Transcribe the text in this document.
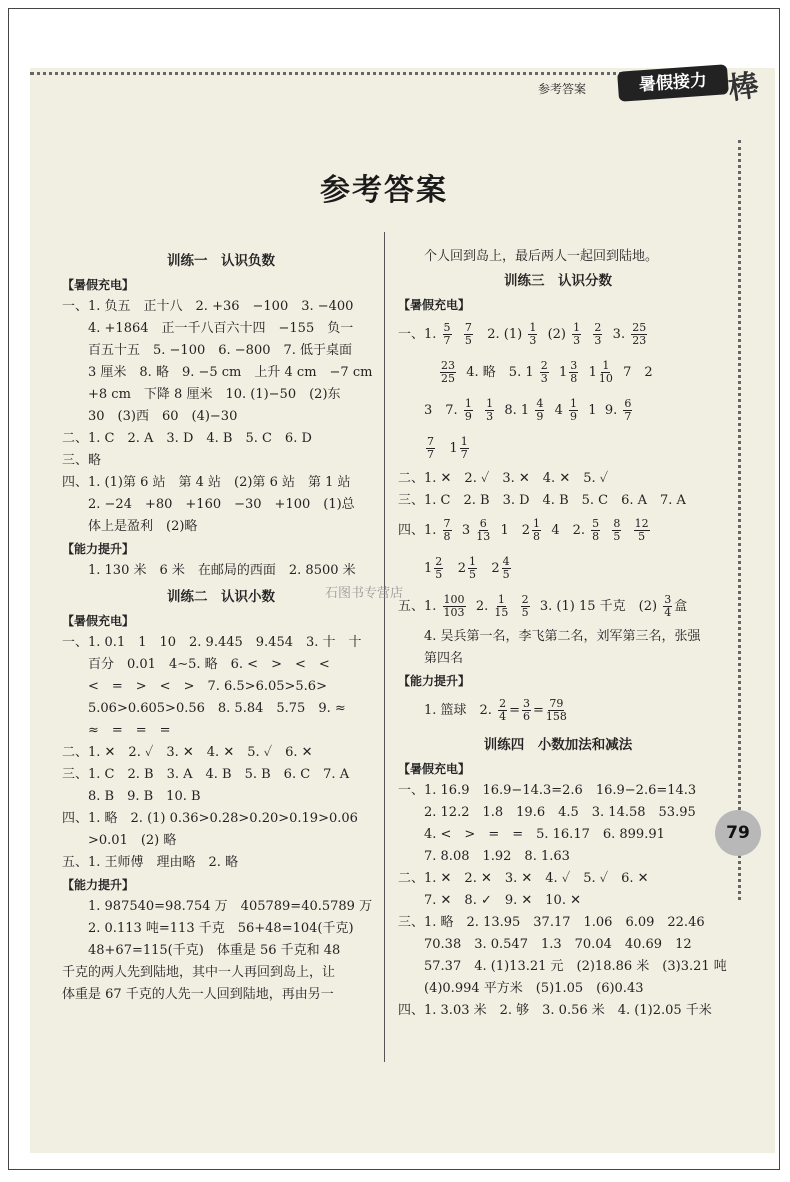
参考答案	暑假接力 棒
参考答案
石图书专营店
79
训练一　认识负数
【暑假充电】
一、1. 负五　正十八　2. +36　−100　3. −400
4. +1864　正一千八百六十四　−155　负一
百五十五　5. −100　6. −800　7. 低于桌面
3 厘米　8. 略　9. −5 cm　上升 4 cm　−7 cm
+8 cm　下降 8 厘米　10. (1)−50　(2)东
30　(3)西　60　(4)−30
二、1. C　2. A　3. D　4. B　5. C　6. D
三、略
四、1. (1)第 6 站　第 4 站　(2)第 6 站　第 1 站
2. −24　+80　+160　−30　+100　(1)总
体上是盈利　(2)略
【能力提升】
1. 130 米　6 米　在邮局的西面　2. 8500 米
训练二　认识小数
【暑假充电】
一、1. 0.1　1　10　2. 9.445　9.454　3. 十　十
百分　0.01　4∼5. 略　6. <　>　<　<
<　=　>　<　>　7. 6.5>6.05>5.6>
5.06>0.605>0.56　8. 5.84　5.75　9. ≈
≈　=　=　=
二、1. ✕　2. ✓　3. ✕　4. ✕　5. ✓　6. ✕
三、1. C　2. B　3. A　4. B　5. B　6. C　7. A
8. B　9. B　10. B
四、1. 略　2. (1) 0.36>0.28>0.20>0.19>0.06
>0.01　(2) 略
五、1. 王师傅　理由略　2. 略
【能力提升】
1. 987540=98.754 万　405789=40.5789 万
2. 0.113 吨=113 千克　56+48=104(千克)
48+67=115(千克)　体重是 56 千克和 48
千克的两人先到陆地，其中一人再回到岛上，让
体重是 67 千克的人先一人回到陆地，再由另一
个人回到岛上，最后两人一起回到陆地。
训练三　认识分数
【暑假充电】
一、1. $\frac{5}{7}$
$\frac{7}{5} 2$. $(1) \frac{1}{3} (2) \frac{1}{3}$
$\frac{2}{3} 3$. $\frac{25}{23}$
$\frac{23}{25} 4$. 略　5. $1 \frac{2}{3} 1 \frac{3}{8} 1 \frac{1}{10} 7$　2
3　7. $\frac{1}{9}$
$\frac{1}{3} 8$. $1 \frac{4}{9} 4 \frac{1}{9} 1$ 9. $\frac{6}{7}$
$\frac{7}{7} 1 \frac{1}{7}$
二、1. ✕　2. ✓　3. ✕　4. ✕　5. ✓
三、1. C　2. B　3. D　4. B　5. C　6. A　7. A
四、1. $\frac{7}{8} 3 \frac{6}{13} 1$　$2 \frac{1}{8} 4$　2. $\frac{5}{8}$
$\frac{8}{5}$
$\frac{12}{5}$
$1 \frac{2}{5} 2 \frac{1}{5} 2 \frac{4}{5}$
五、1. $\frac{100}{103} 2$. $\frac{1}{15}$
$\frac{2}{5} 3$. (1) 15 千克　$(2) \frac{3}{4}$ 盒
4. 吴兵第一名，李飞第二名，刘军第三名，张强
第四名
【能力提升】
1. 篮球　2. $\frac{2}{4} = \frac{3}{6} = \frac{79}{158}$
训练四　小数加法和减法
【暑假充电】
一、1. 16.9　16.9−14.3=2.6　16.9−2.6=14.3
2. 12.2　1.8　19.6　4.5　3. 14.58　53.95
4. <　>　=　=　5. 16.17　6. 899.91
7. 8.08　1.92　8. 1.63
二、1. ✕　2. ✕　3. ✕　4. ✓　5. ✓　6. ✕
7. ✕　8. ✓　9. ✕　10. ✕
三、1. 略　2. 13.95　37.17　1.06　6.09　22.46
70.38　3. 0.547　1.3　70.04　40.69　12
57.37　4. (1)13.21 元　(2)18.86 米　(3)3.21 吨
(4)0.994 平方米　(5)1.05　(6)0.43
四、1. 3.03 米　2. 够　3. 0.56 米　4. (1)2.05 千米
